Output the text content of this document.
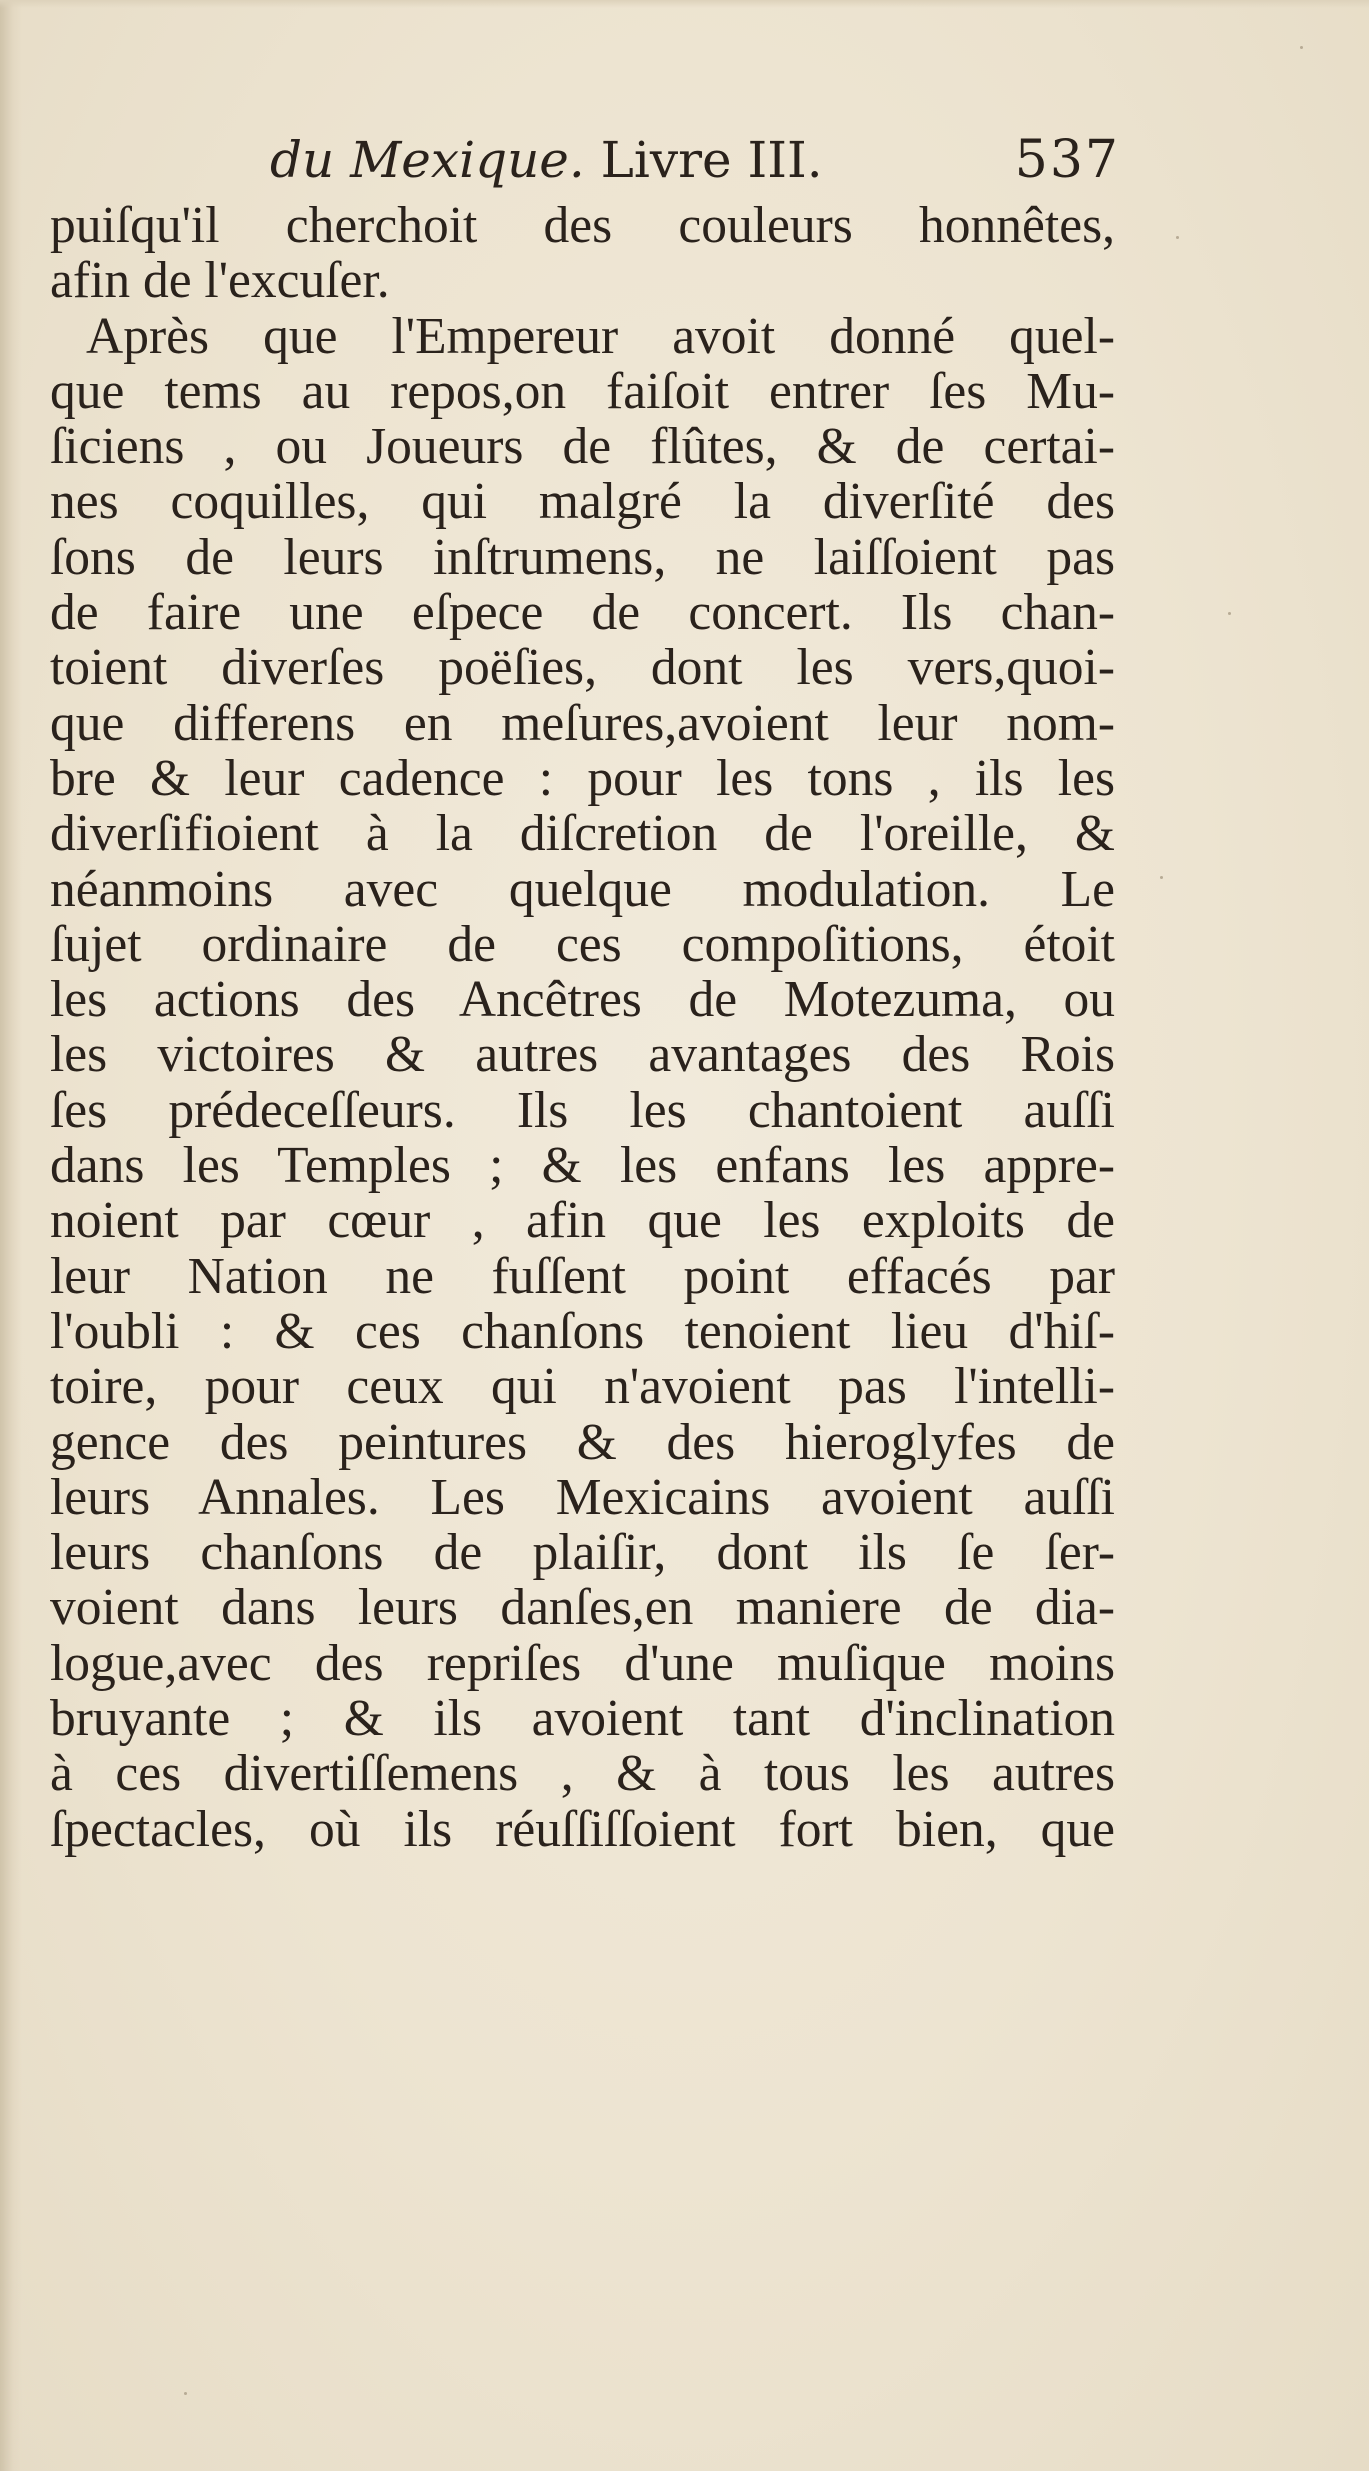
du Mexique. Livre III.	537
puiſqu'il cherchoit des couleurs honnêtes,
afin de l'excuſer.
Après que l'Empereur avoit donné quel-
que tems au repos,on faiſoit entrer ſes Mu-
ſiciens , ou Joueurs de flûtes, & de certai-
nes coquilles, qui malgré la diverſité des
ſons de leurs inſtrumens, ne laiſſoient pas
de faire une eſpece de concert. Ils chan-
toient diverſes poëſies, dont les vers,quoi-
que differens en meſures,avoient leur nom-
bre & leur cadence : pour les tons , ils les
diverſifioient à la diſcretion de l'oreille, &
néanmoins avec quelque modulation. Le
ſujet ordinaire de ces compoſitions, étoit
les actions des Ancêtres de Motezuma, ou
les victoires & autres avantages des Rois
ſes prédeceſſeurs. Ils les chantoient auſſi
dans les Temples ; & les enfans les appre-
noient par cœur , afin que les exploits de
leur Nation ne fuſſent point effacés par
l'oubli : & ces chanſons tenoient lieu d'hiſ-
toire, pour ceux qui n'avoient pas l'intelli-
gence des peintures & des hieroglyfes de
leurs Annales. Les Mexicains avoient auſſi
leurs chanſons de plaiſir, dont ils ſe ſer-
voient dans leurs danſes,en maniere de dia-
logue,avec des repriſes d'une muſique moins
bruyante ; & ils avoient tant d'inclination
à ces divertiſſemens , & à tous les autres
ſpectacles, où ils réuſſiſſoient fort bien, que
